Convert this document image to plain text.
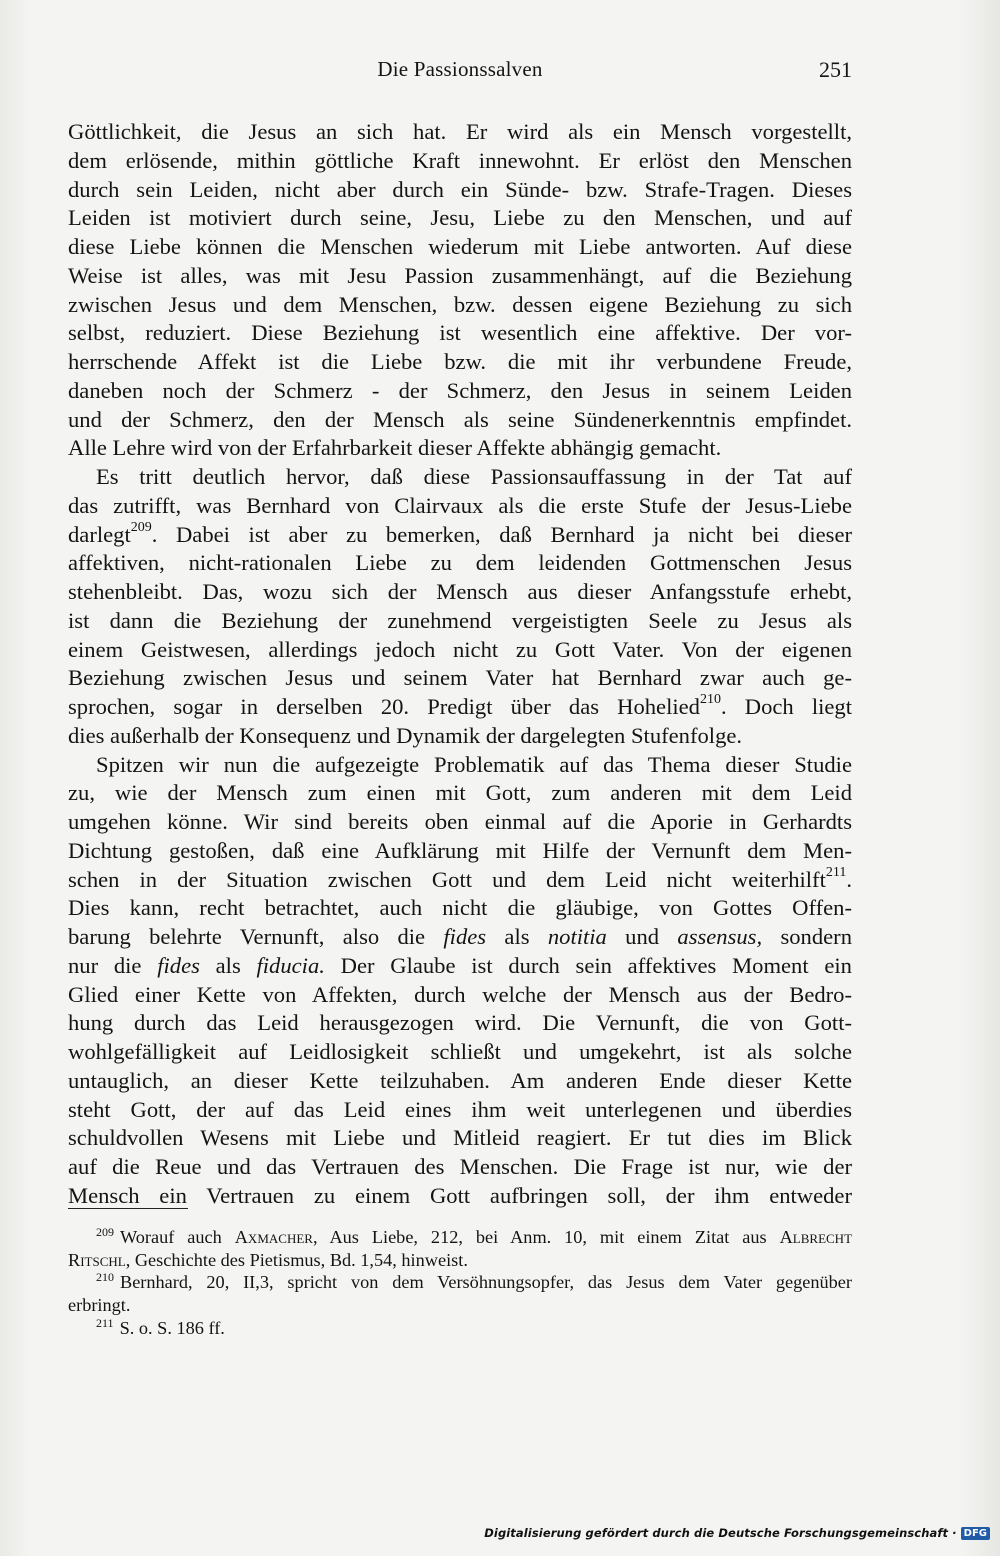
Die Passionssalven	251
Göttlichkeit, die Jesus an sich hat. Er wird als ein Mensch vorgestellt,
dem erlösende, mithin göttliche Kraft innewohnt. Er erlöst den Menschen
durch sein Leiden, nicht aber durch ein Sünde- bzw. Strafe-Tragen. Dieses
Leiden ist motiviert durch seine, Jesu, Liebe zu den Menschen, und auf
diese Liebe können die Menschen wiederum mit Liebe antworten. Auf diese
Weise ist alles, was mit Jesu Passion zusammenhängt, auf die Beziehung
zwischen Jesus und dem Menschen, bzw. dessen eigene Beziehung zu sich
selbst, reduziert. Diese Beziehung ist wesentlich eine affektive. Der vor-
herrschende Affekt ist die Liebe bzw. die mit ihr verbundene Freude,
daneben noch der Schmerz - der Schmerz, den Jesus in seinem Leiden
und der Schmerz, den der Mensch als seine Sündenerkenntnis empfindet.
Alle Lehre wird von der Erfahrbarkeit dieser Affekte abhängig gemacht.
Es tritt deutlich hervor, daß diese Passionsauffassung in der Tat auf
das zutrifft, was Bernhard von Clairvaux als die erste Stufe der Jesus-Liebe
darlegt$^{209}$. Dabei ist aber zu bemerken, daß Bernhard ja nicht bei dieser
affektiven, nicht-rationalen Liebe zu dem leidenden Gottmenschen Jesus
stehenbleibt. Das, wozu sich der Mensch aus dieser Anfangsstufe erhebt,
ist dann die Beziehung der zunehmend vergeistigten Seele zu Jesus als
einem Geistwesen, allerdings jedoch nicht zu Gott Vater. Von der eigenen
Beziehung zwischen Jesus und seinem Vater hat Bernhard zwar auch ge-
sprochen, sogar in derselben 20. Predigt über das Hohelied$^{210}$. Doch liegt
dies außerhalb der Konsequenz und Dynamik der dargelegten Stufenfolge.
Spitzen wir nun die aufgezeigte Problematik auf das Thema dieser Studie
zu, wie der Mensch zum einen mit Gott, zum anderen mit dem Leid
umgehen könne. Wir sind bereits oben einmal auf die Aporie in Gerhardts
Dichtung gestoßen, daß eine Aufklärung mit Hilfe der Vernunft dem Men-
schen in der Situation zwischen Gott und dem Leid nicht weiterhilft$^{211}$.
Dies kann, recht betrachtet, auch nicht die gläubige, von Gottes Offen-
barung belehrte Vernunft, also die fides als notitia und assensus, sondern
nur die fides als fiducia. Der Glaube ist durch sein affektives Moment ein
Glied einer Kette von Affekten, durch welche der Mensch aus der Bedro-
hung durch das Leid herausgezogen wird. Die Vernunft, die von Gott-
wohlgefälligkeit auf Leidlosigkeit schließt und umgekehrt, ist als solche
untauglich, an dieser Kette teilzuhaben. Am anderen Ende dieser Kette
steht Gott, der auf das Leid eines ihm weit unterlegenen und überdies
schuldvollen Wesens mit Liebe und Mitleid reagiert. Er tut dies im Blick
auf die Reue und das Vertrauen des Menschen. Die Frage ist nur, wie der
Mensch ein Vertrauen zu einem Gott aufbringen soll, der ihm entweder
$^{209}$ Worauf auch Axmacher, Aus Liebe, 212, bei Anm. 10, mit einem Zitat aus Albrecht
Ritschl, Geschichte des Pietismus, Bd. 1,54, hinweist.
$^{210}$ Bernhard, 20, II,3, spricht von dem Versöhnungsopfer, das Jesus dem Vater gegenüber
erbringt.
$^{211}$ S. o. S. 186 ff.
Digitalisierung gefördert durch die Deutsche Forschungsgemeinschaft · DFG
